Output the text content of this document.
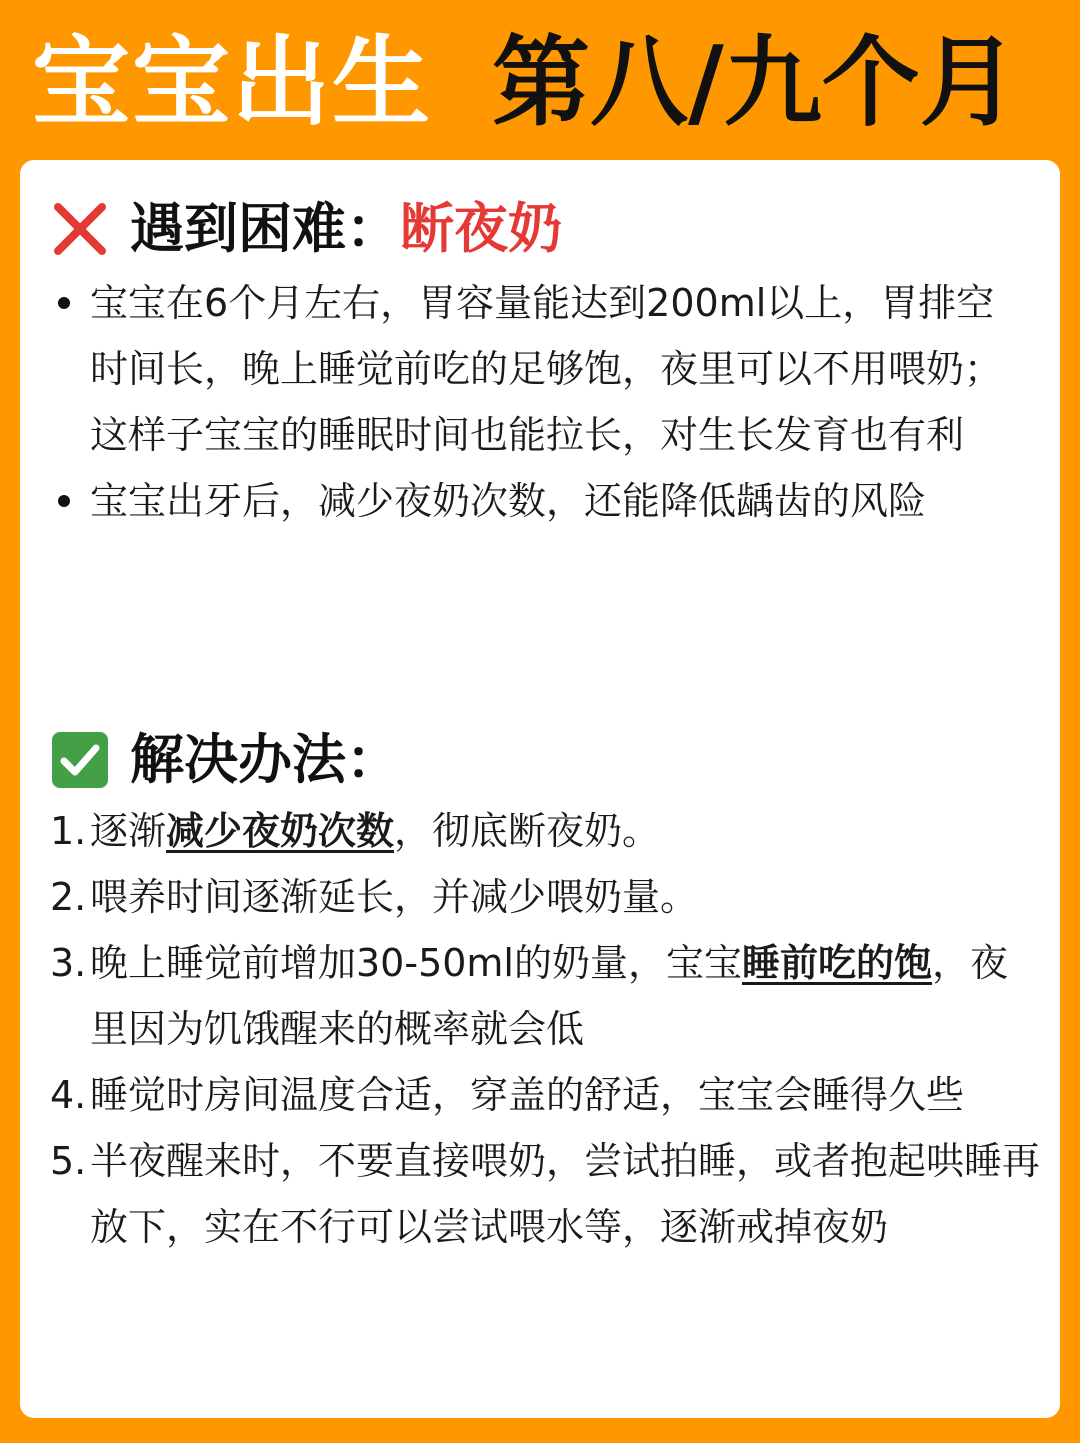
宝宝出生 第八/九个月
遇到困难： 断夜奶
宝宝在6个月左右，胃容量能达到200ml以上，胃排空时间长，晚上睡觉前吃的足够饱，夜里可以不用喂奶；这样子宝宝的睡眠时间也能拉长，对生长发育也有利
宝宝出牙后，减少夜奶次数，还能降低龋齿的风险
解决办法：
1. 逐渐减少夜奶次数，彻底断夜奶。
2. 喂养时间逐渐延长，并减少喂奶量。
3. 晚上睡觉前增加30-50ml的奶量，宝宝睡前吃的饱，夜里因为饥饿醒来的概率就会低
4. 睡觉时房间温度合适，穿盖的舒适，宝宝会睡得久些
5. 半夜醒来时，不要直接喂奶，尝试拍睡，或者抱起哄睡再放下，实在不行可以尝试喂水等，逐渐戒掉夜奶
